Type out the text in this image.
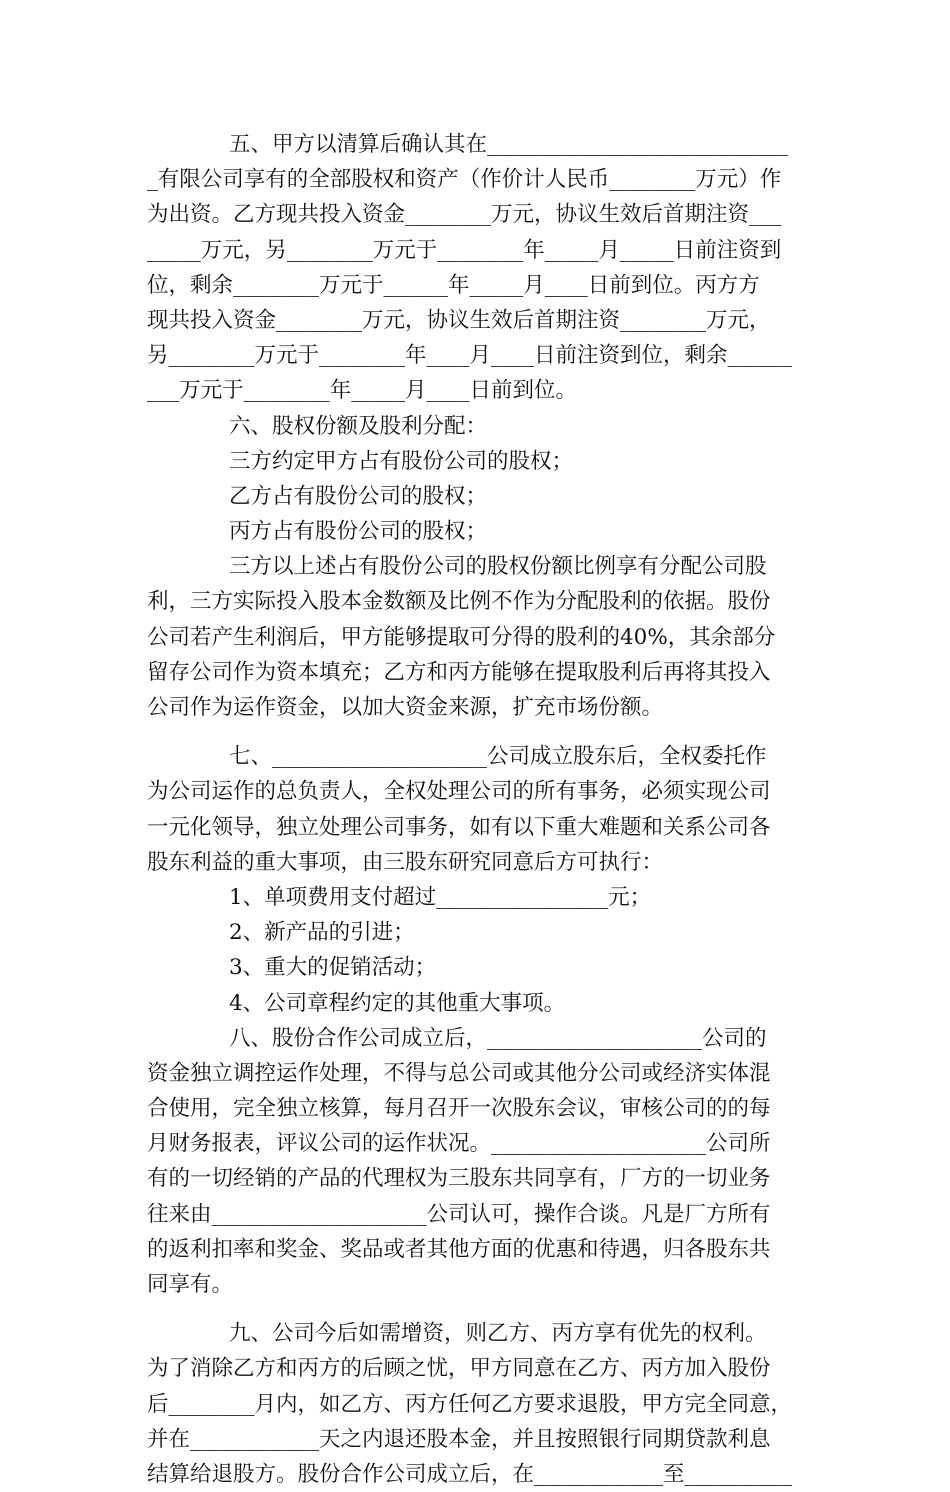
五、甲方以清算后确认其在____________________________
_有限公司享有的全部股权和资产（作价计人民币________万元）作
为出资。乙方现共投入资金________万元，协议生效后首期注资___
_____万元，另________万元于________年_____月_____日前注资到
位，剩余________万元于______年_____月____日前到位。丙方方
现共投入资金________万元，协议生效后首期注资________万元，
另________万元于________年____月____日前注资到位，剩余______
___万元于________年_____月____日前到位。
六、股权份额及股利分配：
三方约定甲方占有股份公司的股权；
乙方占有股份公司的股权；
丙方占有股份公司的股权；
三方以上述占有股份公司的股权份额比例享有分配公司股
利，三方实际投入股本金数额及比例不作为分配股利的依据。股份
公司若产生利润后，甲方能够提取可分得的股利的40%，其余部分
留存公司作为资本填充；乙方和丙方能够在提取股利后再将其投入
公司作为运作资金，以加大资金来源，扩充市场份额。
七、____________________公司成立股东后，全权委托作
为公司运作的总负责人，全权处理公司的所有事务，必须实现公司
一元化领导，独立处理公司事务，如有以下重大难题和关系公司各
股东利益的重大事项，由三股东研究同意后方可执行：
1、单项费用支付超过________________元；
2、新产品的引进；
3、重大的促销活动；
4、公司章程约定的其他重大事项。
八、股份合作公司成立后，____________________公司的
资金独立调控运作处理，不得与总公司或其他分公司或经济实体混
合使用，完全独立核算，每月召开一次股东会议，审核公司的的每
月财务报表，评议公司的运作状况。____________________公司所
有的一切经销的产品的代理权为三股东共同享有，厂方的一切业务
往来由____________________公司认可，操作合谈。凡是厂方所有
的返利扣率和奖金、奖品或者其他方面的优惠和待遇，归各股东共
同享有。
九、公司今后如需增资，则乙方、丙方享有优先的权利。
为了消除乙方和丙方的后顾之忧，甲方同意在乙方、丙方加入股份
后________月内，如乙方、丙方任何乙方要求退股，甲方完全同意，
并在____________天之内退还股本金，并且按照银行同期贷款利息
结算给退股方。股份合作公司成立后，在____________至__________
